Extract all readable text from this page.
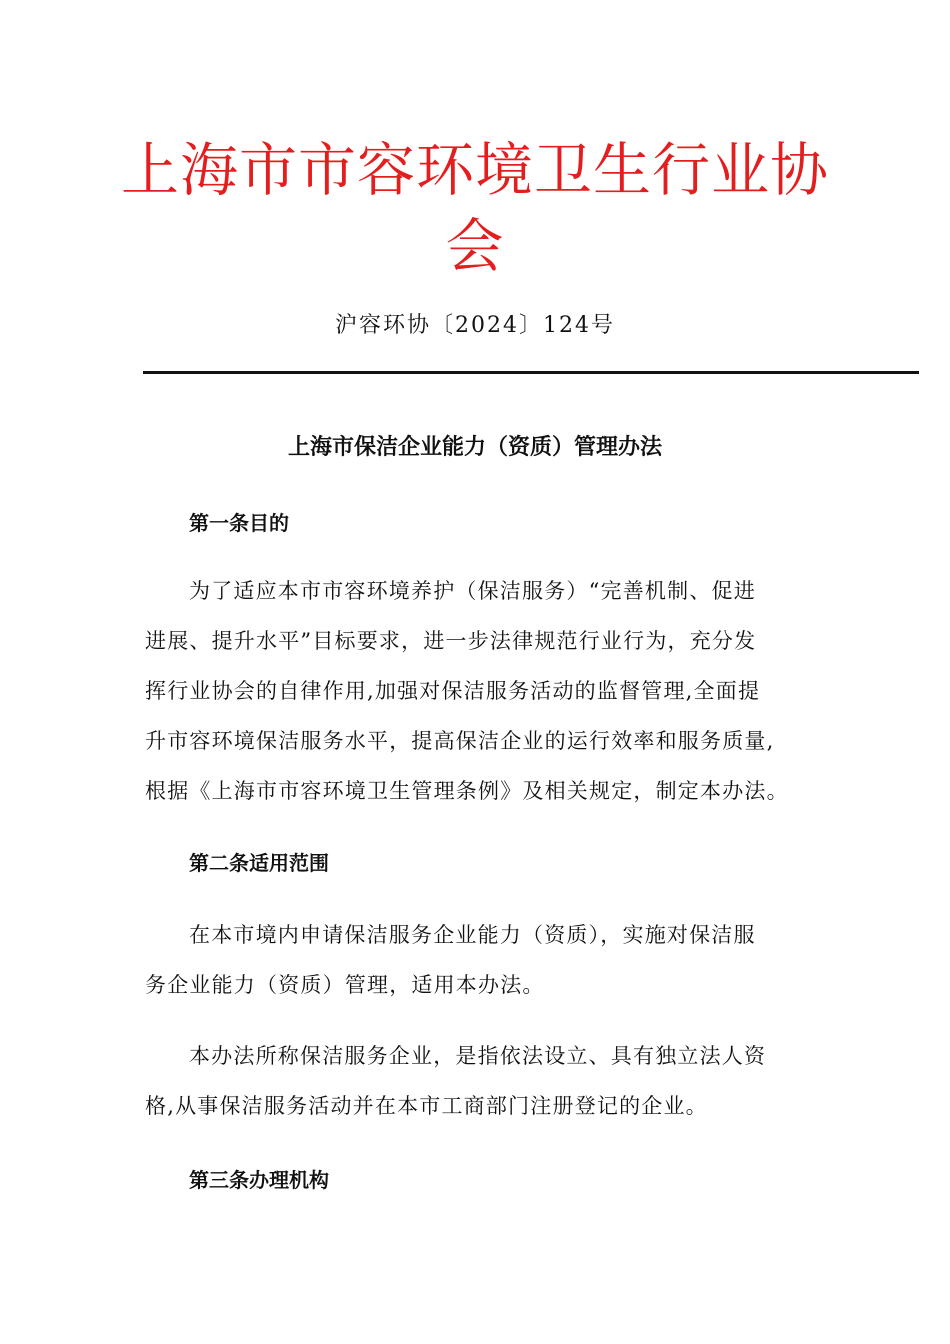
上海市市容环境卫生行业协
会
沪容环协〔2024〕124号
上海市保洁企业能力（资质）管理办法
第一条目的
为了适应本市市容环境养护（保洁服务）“完善机制、促进
进展、提升水平”目标要求，进一步法律规范行业行为，充分发
挥行业协会的自律作用,加强对保洁服务活动的监督管理,全面提
升市容环境保洁服务水平，提高保洁企业的运行效率和服务质量,
根据《上海市市容环境卫生管理条例》及相关规定，制定本办法。
第二条适用范围
在本市境内申请保洁服务企业能力（资质），实施对保洁服
务企业能力（资质）管理，适用本办法。
本办法所称保洁服务企业，是指依法设立、具有独立法人资
格,从事保洁服务活动并在本市工商部门注册登记的企业。
第三条办理机构
